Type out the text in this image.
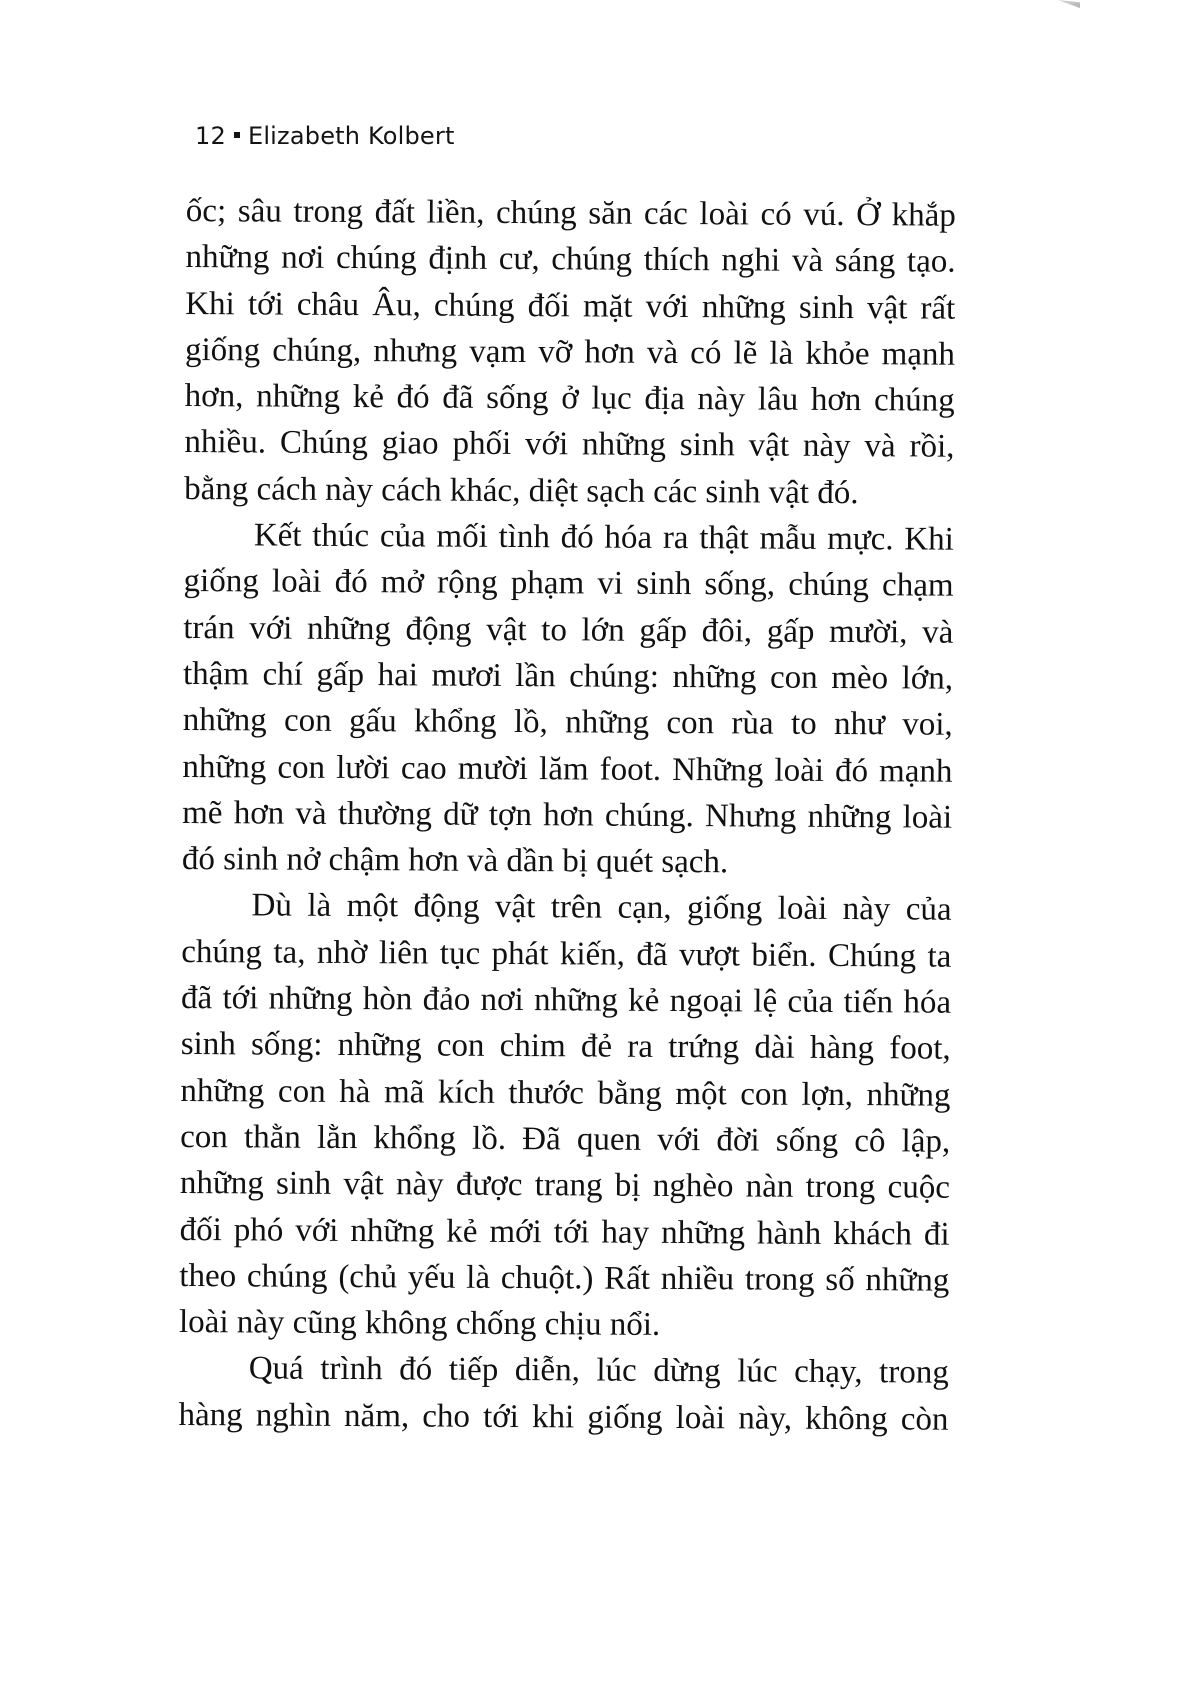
12 Elizabeth Kolbert
ốc; sâu trong đất liền, chúng săn các loài có vú. Ở khắp
những nơi chúng định cư, chúng thích nghi và sáng tạo.
Khi tới châu Âu, chúng đối mặt với những sinh vật rất
giống chúng, nhưng vạm vỡ hơn và có lẽ là khỏe mạnh
hơn, những kẻ đó đã sống ở lục địa này lâu hơn chúng
nhiều. Chúng giao phối với những sinh vật này và rồi,
bằng cách này cách khác, diệt sạch các sinh vật đó.
Kết thúc của mối tình đó hóa ra thật mẫu mực. Khi
giống loài đó mở rộng phạm vi sinh sống, chúng chạm
trán với những động vật to lớn gấp đôi, gấp mười, và
thậm chí gấp hai mươi lần chúng: những con mèo lớn,
những con gấu khổng lồ, những con rùa to như voi,
những con lười cao mười lăm foot. Những loài đó mạnh
mẽ hơn và thường dữ tợn hơn chúng. Nhưng những loài
đó sinh nở chậm hơn và dần bị quét sạch.
Dù là một động vật trên cạn, giống loài này của
chúng ta, nhờ liên tục phát kiến, đã vượt biển. Chúng ta
đã tới những hòn đảo nơi những kẻ ngoại lệ của tiến hóa
sinh sống: những con chim đẻ ra trứng dài hàng foot,
những con hà mã kích thước bằng một con lợn, những
con thằn lằn khổng lồ. Đã quen với đời sống cô lập,
những sinh vật này được trang bị nghèo nàn trong cuộc
đối phó với những kẻ mới tới hay những hành khách đi
theo chúng (chủ yếu là chuột.) Rất nhiều trong số những
loài này cũng không chống chịu nổi.
Quá trình đó tiếp diễn, lúc dừng lúc chạy, trong
hàng nghìn năm, cho tới khi giống loài này, không còn
